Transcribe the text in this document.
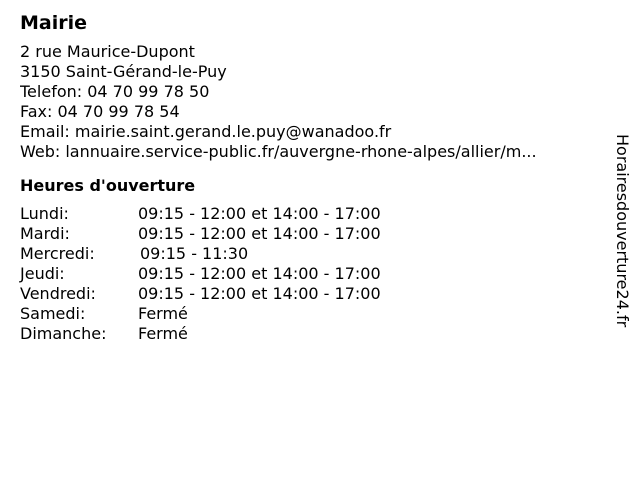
Mairie
2 rue Maurice-Dupont
3150 Saint-Gérand-le-Puy
Telefon: 04 70 99 78 50
Fax: 04 70 99 78 54
Email: mairie.saint.gerand.le.puy@wanadoo.fr
Web: lannuaire.service-public.fr/auvergne-rhone-alpes/allier/m...
Heures d'ouverture
Lundi:	09:15 - 12:00 et 14:00 - 17:00
Mardi:	09:15 - 12:00 et 14:00 - 17:00
Mercredi:	09:15 - 11:30
Jeudi:	09:15 - 12:00 et 14:00 - 17:00
Vendredi:	09:15 - 12:00 et 14:00 - 17:00
Samedi:	Fermé
Dimanche:	Fermé
Horairesdouverture24.fr
